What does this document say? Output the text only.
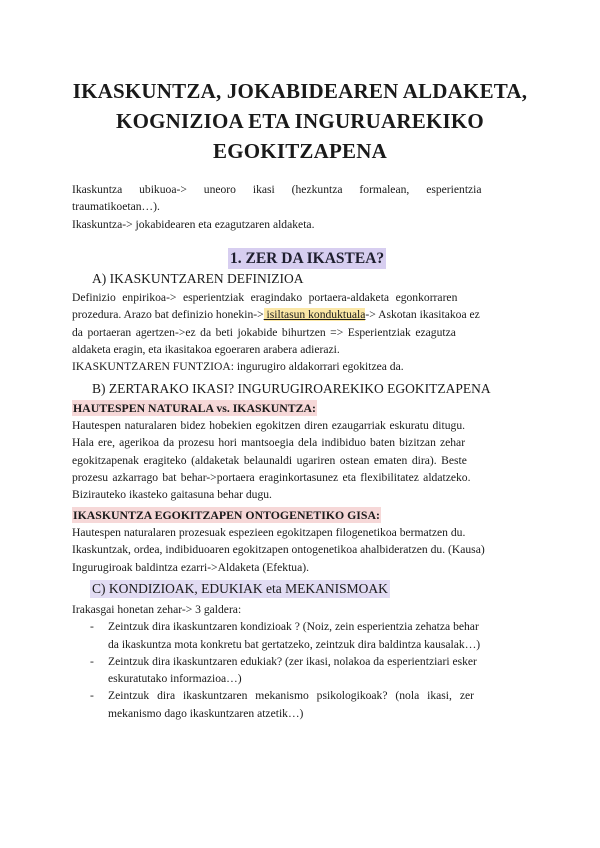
IKASKUNTZA, JOKABIDEAREN ALDAKETA,
KOGNIZIOA ETA INGURUAREKIKO
EGOKITZAPENA
Ikaskuntza ubikuoa-> uneoro ikasi (hezkuntza formalean, esperientzia
traumatikoetan…).
Ikaskuntza-> jokabidearen eta ezagutzaren aldaketa.
1. ZER DA IKASTEA?
A) IKASKUNTZAREN DEFINIZIOA
Definizio enpirikoa-> esperientziak eragindako portaera-aldaketa egonkorraren
prozedura. Arazo bat definizio honekin-> isiltasun konduktuala-> Askotan ikasitakoa ez
da portaeran agertzen->ez da beti jokabide bihurtzen => Esperientziak ezagutza
aldaketa eragin, eta ikasitakoa egoeraren arabera adierazi.
IKASKUNTZAREN FUNTZIOA: ingurugiro aldakorrari egokitzea da.
B) ZERTARAKO IKASI? INGURUGIROAREKIKO EGOKITZAPENA
HAUTESPEN NATURALA vs. IKASKUNTZA:
Hautespen naturalaren bidez hobekien egokitzen diren ezaugarriak eskuratu ditugu.
Hala ere, agerikoa da prozesu hori mantsoegia dela indibiduo baten bizitzan zehar
egokitzapenak eragiteko (aldaketak belaunaldi ugariren ostean ematen dira). Beste
prozesu azkarrago bat behar->portaera eraginkortasunez eta flexibilitatez aldatzeko.
Bizirauteko ikasteko gaitasuna behar dugu.
IKASKUNTZA EGOKITZAPEN ONTOGENETIKO GISA:
Hautespen naturalaren prozesuak espezieen egokitzapen filogenetikoa bermatzen du.
Ikaskuntzak, ordea, indibiduoaren egokitzapen ontogenetikoa ahalbideratzen du. (Kausa)
Ingurugiroak baldintza ezarri->Aldaketa (Efektua).
C) KONDIZIOAK, EDUKIAK eta MEKANISMOAK
Irakasgai honetan zehar-> 3 galdera:
- Zeintzuk dira ikaskuntzaren kondizioak ? (Noiz, zein esperientzia zehatza behar
da ikaskuntza mota konkretu bat gertatzeko, zeintzuk dira baldintza kausalak…)
- Zeintzuk dira ikaskuntzaren edukiak? (zer ikasi, nolakoa da esperientziari esker
eskuratutako informazioa…)
- Zeintzuk dira ikaskuntzaren mekanismo psikologikoak? (nola ikasi, zer
mekanismo dago ikaskuntzaren atzetik…)
